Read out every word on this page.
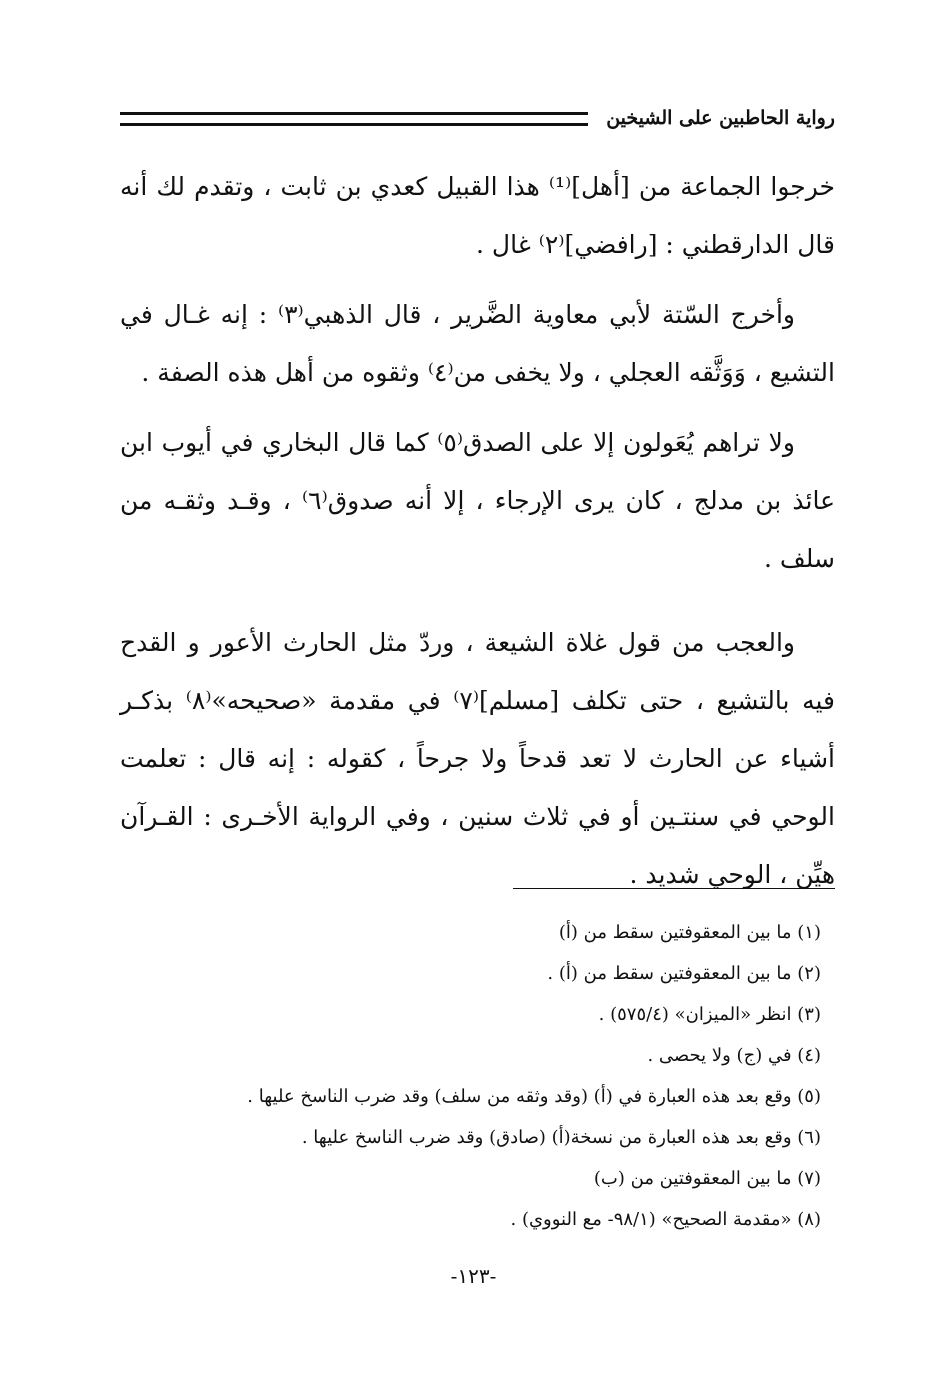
رواية الحاطبين على الشيخين

خرجوا الجماعة من [أهل]⁽¹⁾ هذا القبيل كعدي بن ثابت ، وتقدم لك أنه قال الدارقطني : [رافضي]⁽٢⁾ غال .

وأخرج السّتة لأبي معاوية الضَّرير ، قال الذهبي⁽٣⁾ : إنه غـال في التشيع ، وَوَثَّقه العجلي ، ولا يخفى من⁽٤⁾ وثقوه من أهل هذه الصفة .

ولا تراهم يُعَولون إلا على الصدق⁽٥⁾ كما قال البخاري في أيوب ابن عائذ بن مدلج ، كان يرى الإرجاء ، إلا أنه صدوق⁽٦⁾ ، وقـد وثقـه من سلف .

والعجب من قول غلاة الشيعة ، وردّ مثل الحارث الأعور و القدح فيه بالتشيع ، حتى تكلف [مسلم]⁽٧⁾ في مقدمة «صحيحه»⁽٨⁾ بذكـر أشياء عن الحارث لا تعد قدحاً ولا جرحاً ، كقوله : إنه قال : تعلمت الوحي في سنتـين أو في ثلاث سنين ، وفي الرواية الأخـرى : القـرآن هيِّن ، الوحي شديد .

(١) ما بين المعقوفتين سقط من (أ)

(٢) ما بين المعقوفتين سقط من (أ) .

(٣) انظر «الميزان» (٥٧٥/٤) .

(٤) في (ج) ولا يحصى .

(٥) وقع بعد هذه العبارة في (أ) (وقد وثقه من سلف) وقد ضرب الناسخ عليها .

(٦) وقع بعد هذه العبارة من نسخة(أ) (صادق) وقد ضرب الناسخ عليها .

(٧) ما بين المعقوفتين من (ب)

(٨) «مقدمة الصحيح» (٩٨/١- مع النووي) .

-١٢٣-
